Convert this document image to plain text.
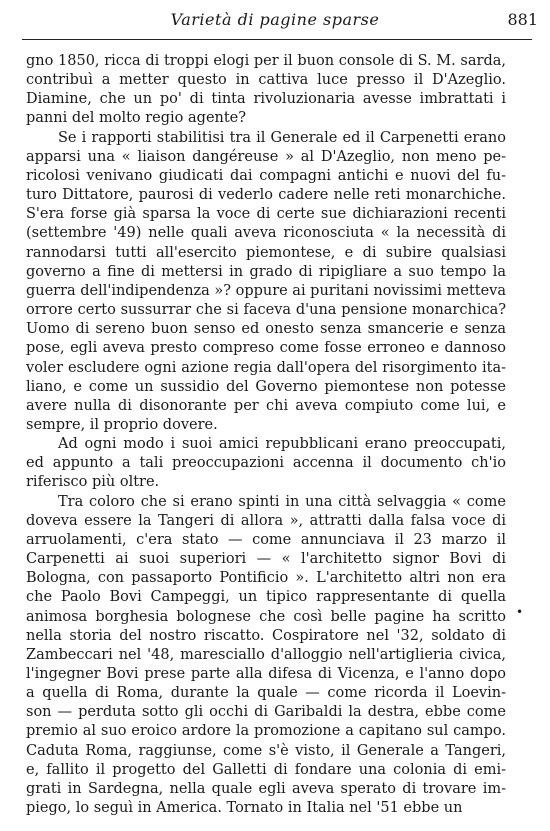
Varietà di pagine sparse	881
gno 1850, ricca di troppi elogi per il buon console di S. M. sarda,
contribuì a metter questo in cattiva luce presso il D'Azeglio.
Diamine, che un po' di tinta rivoluzionaria avesse imbrattati i
panni del molto regio agente?
Se i rapporti stabilitisi tra il Generale ed il Carpenetti erano
apparsi una « liaison dangéreuse » al D'Azeglio, non meno pe-
ricolosi venivano giudicati dai compagni antichi e nuovi del fu-
turo Dittatore, paurosi di vederlo cadere nelle reti monarchiche.
S'era forse già sparsa la voce di certe sue dichiarazioni recenti
(settembre '49) nelle quali aveva riconosciuta « la necessità di
rannodarsi tutti all'esercito piemontese, e di subire qualsiasi
governo a fine di mettersi in grado di ripigliare a suo tempo la
guerra dell'indipendenza »? oppure ai puritani novissimi metteva
orrore certo sussurrar che si faceva d'una pensione monarchica?
Uomo di sereno buon senso ed onesto senza smancerie e senza
pose, egli aveva presto compreso come fosse erroneo e dannoso
voler escludere ogni azione regia dall'opera del risorgimento ita-
liano, e come un sussidio del Governo piemontese non potesse
avere nulla di disonorante per chi aveva compiuto come lui, e
sempre, il proprio dovere.
Ad ogni modo i suoi amici repubblicani erano preoccupati,
ed appunto a tali preoccupazioni accenna il documento ch'io
riferisco più oltre.
Tra coloro che si erano spinti in una città selvaggia « come
doveva essere la Tangeri di allora », attratti dalla falsa voce di
arruolamenti, c'era stato — come annunciava il 23 marzo il
Carpenetti ai suoi superiori — « l'architetto signor Bovi di
Bologna, con passaporto Pontificio ». L'architetto altri non era
che Paolo Bovi Campeggi, un tipico rappresentante di quella
animosa borghesia bolognese che così belle pagine ha scritto
nella storia del nostro riscatto. Cospiratore nel '32, soldato di
Zambeccari nel '48, maresciallo d'alloggio nell'artiglieria civica,
l'ingegner Bovi prese parte alla difesa di Vicenza, e l'anno dopo
a quella di Roma, durante la quale — come ricorda il Loevin-
son — perduta sotto gli occhi di Garibaldi la destra, ebbe come
premio al suo eroico ardore la promozione a capitano sul campo.
Caduta Roma, raggiunse, come s'è visto, il Generale a Tangeri,
e, fallito il progetto del Galletti di fondare una colonia di emi-
grati in Sardegna, nella quale egli aveva sperato di trovare im-
piego, lo seguì in America. Tornato in Italia nel '51 ebbe un
•
